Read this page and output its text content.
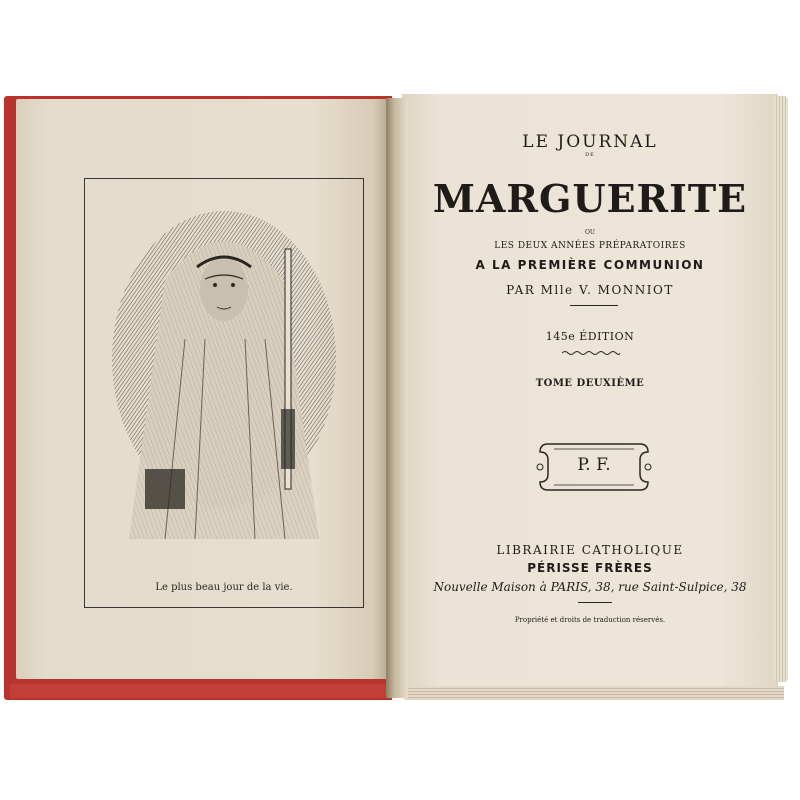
Le plus beau jour de la vie.
LE JOURNAL
DE
MARGUERITE
OU
LES DEUX ANNÉES PRÉPARATOIRES
A LA PREMIÈRE COMMUNION
PAR Mlle V. MONNIOT
145e ÉDITION
TOME DEUXIÈME
P. F.
LIBRAIRIE CATHOLIQUE
PÉRISSE FRÈRES
Nouvelle Maison à PARIS, 38, rue Saint-Sulpice, 38
Propriété et droits de traduction réservés.
